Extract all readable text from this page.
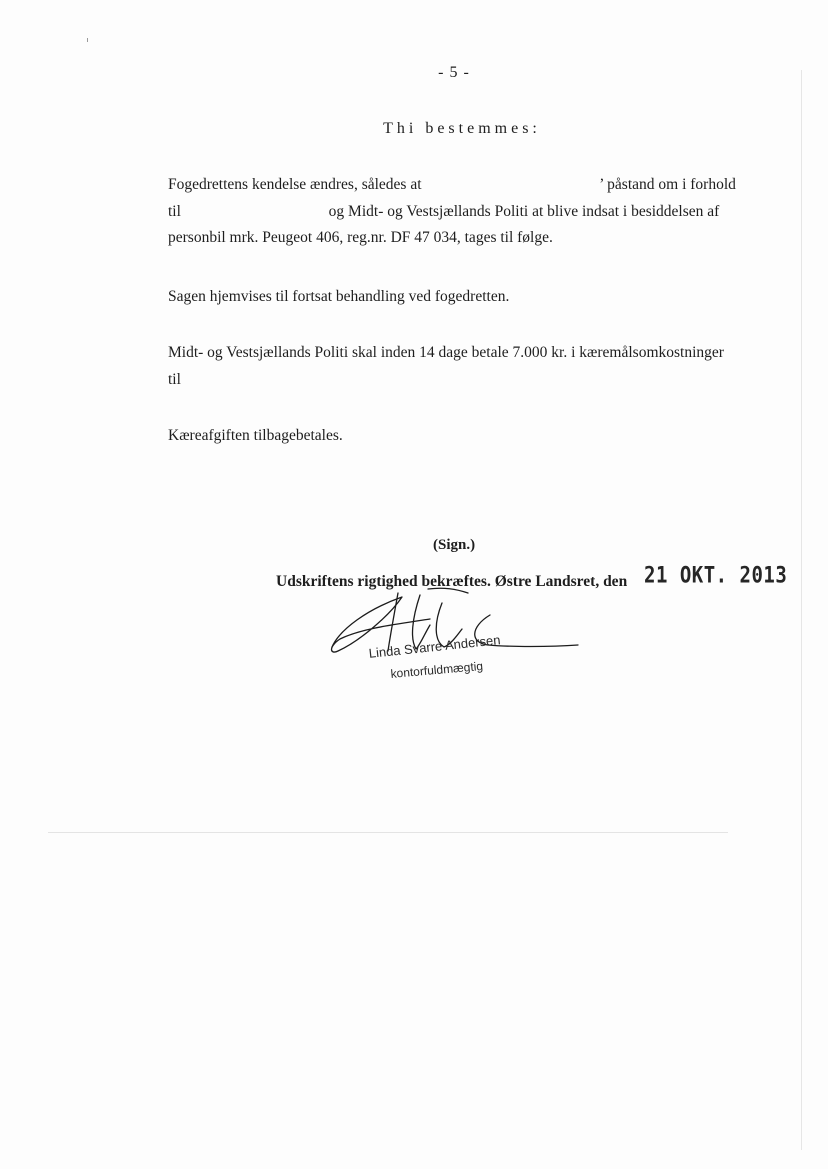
- 5 -
Thi bestemmes:
Fogedrettens kendelse ændres, således at	’ påstand om i forhold
til	og Midt- og Vestsjællands Politi at blive indsat i besiddelsen af
personbil mrk. Peugeot 406, reg.nr. DF 47 034, tages til følge.
Sagen hjemvises til fortsat behandling ved fogedretten.
Midt- og Vestsjællands Politi skal inden 14 dage betale 7.000 kr. i kæremålsomkostninger
til
Kæreafgiften tilbagebetales.
(Sign.)
Udskriftens rigtighed bekræftes. Østre Landsret, den 21 OKT. 2013
Linda Svarre Andersen
kontorfuldmægtig
